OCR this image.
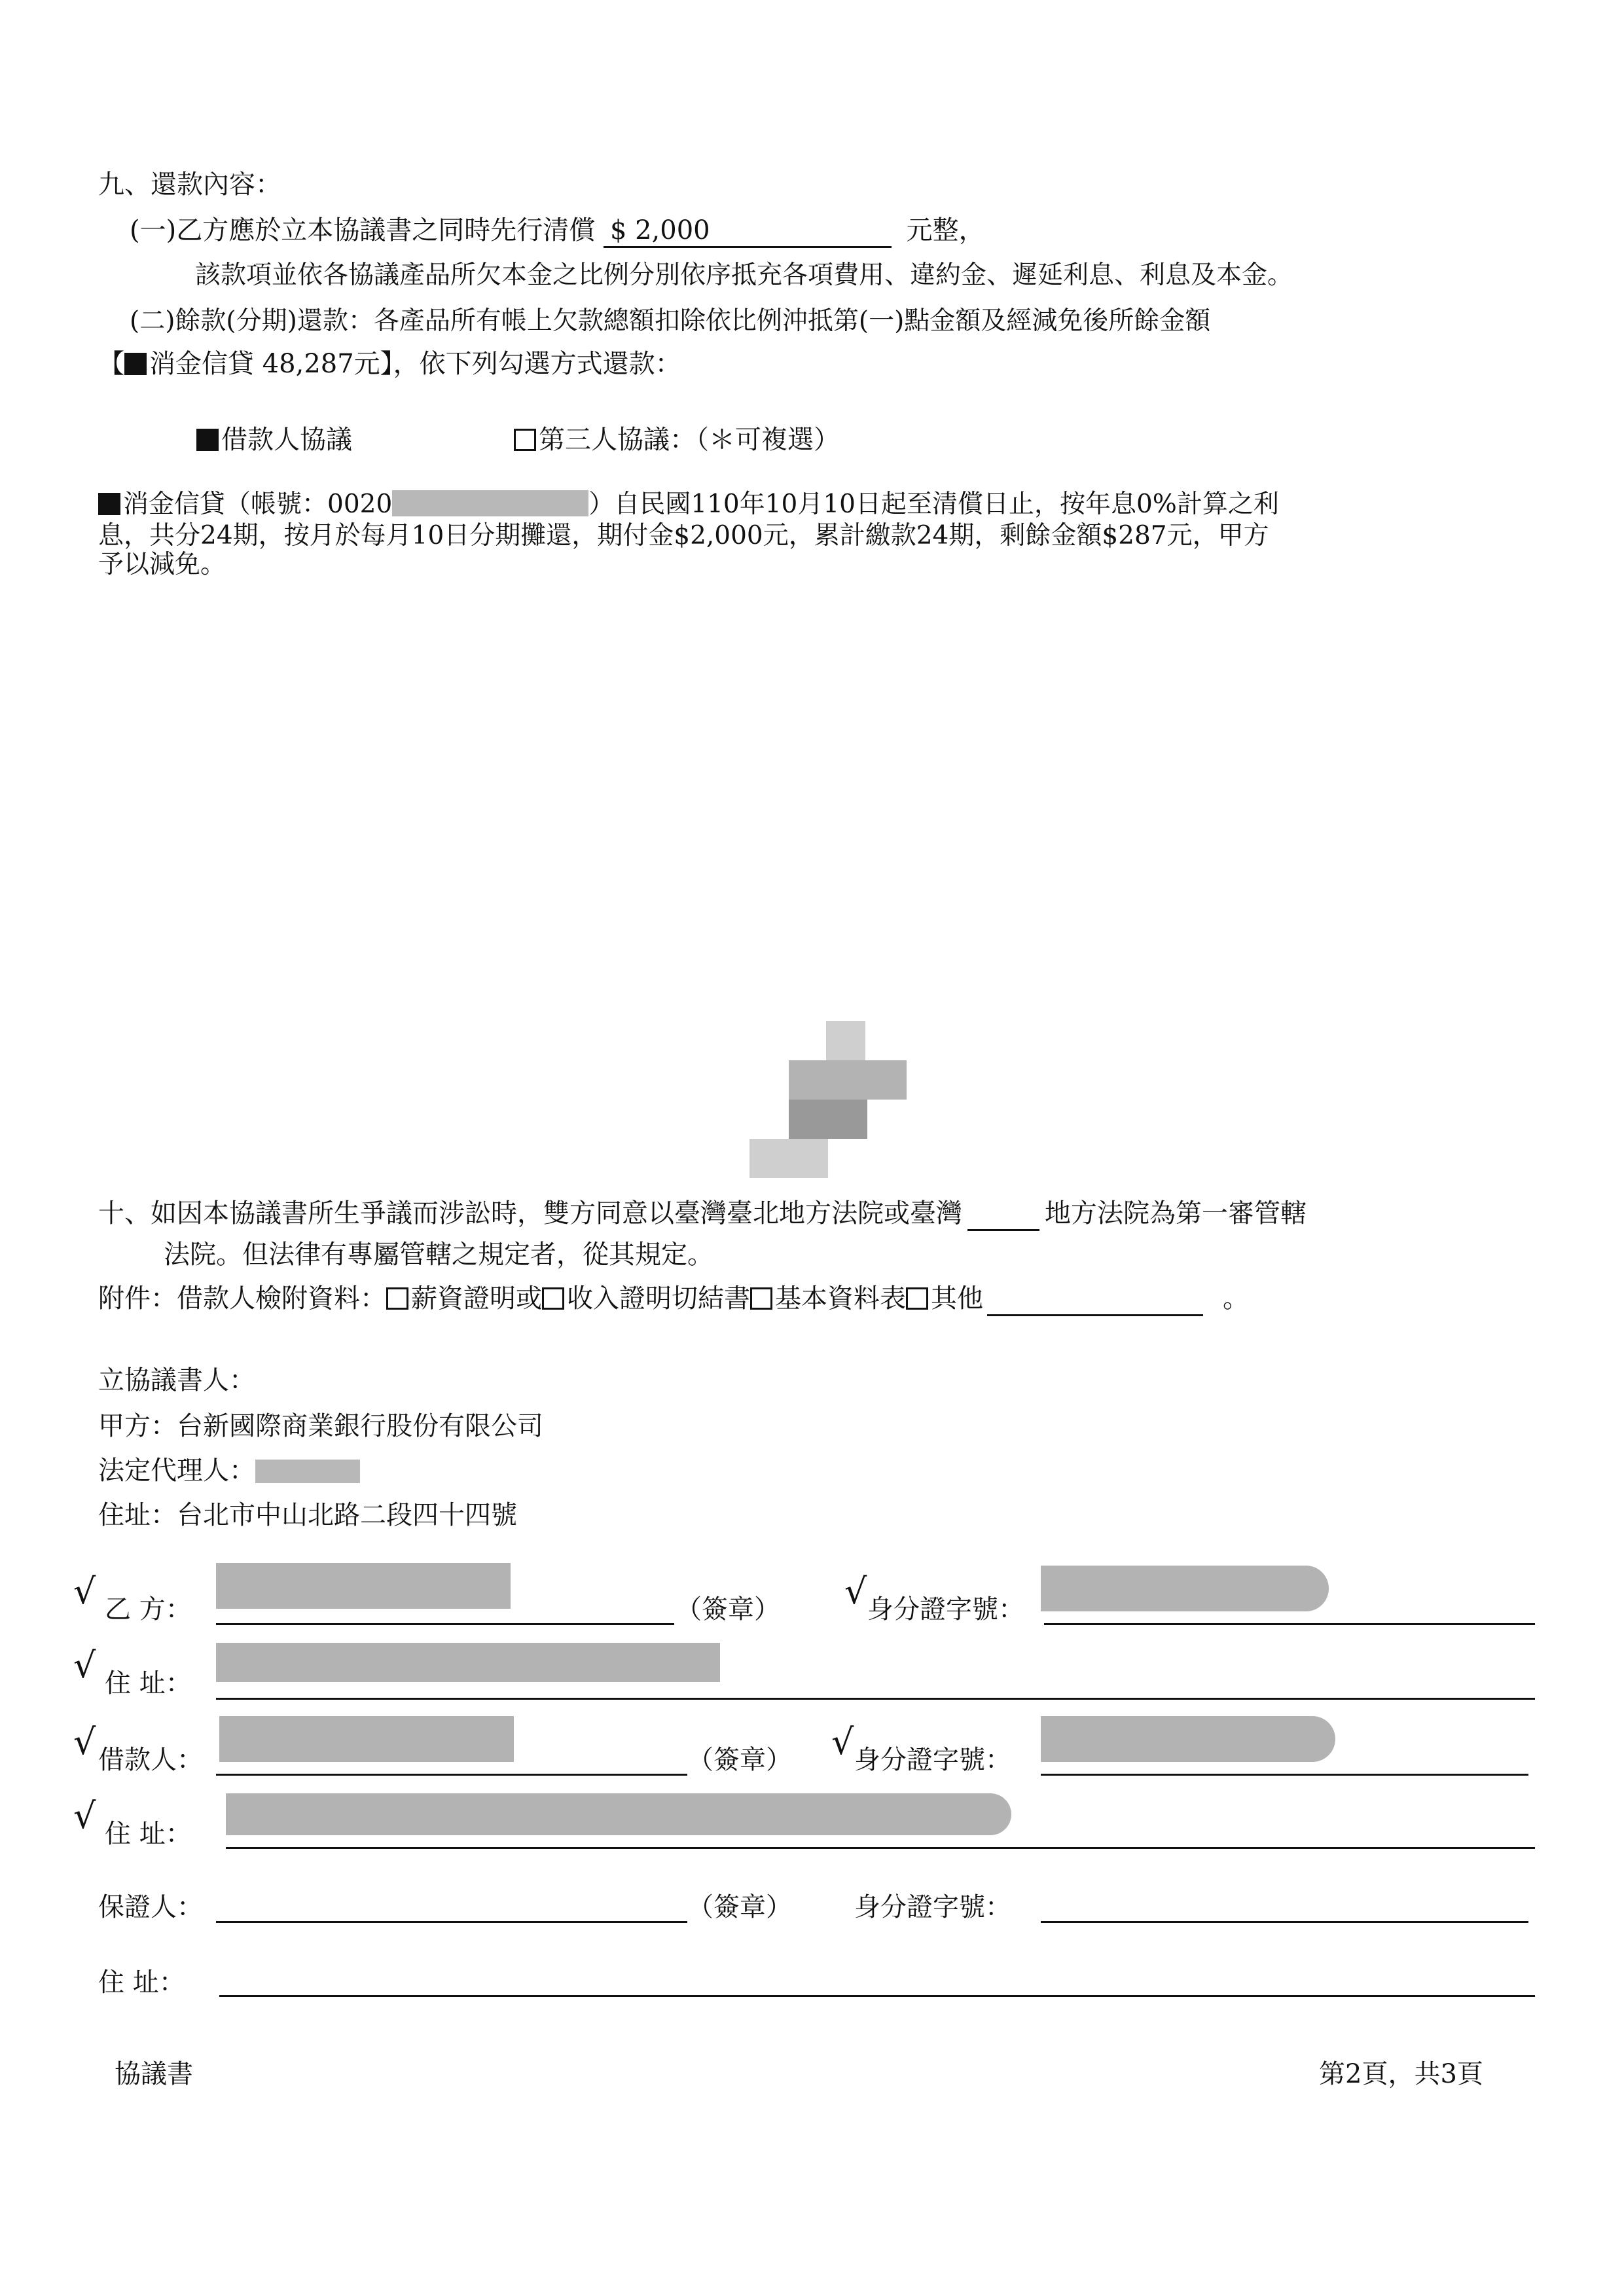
九、還款內容：
(一)乙方應於立本協議書之同時先行清償 $ 2,000	元整，
該款項並依各協議產品所欠本金之比例分別依序抵充各項費用、違約金、遲延利息、利息及本金。
(二)餘款(分期)還款：各產品所有帳上欠款總額扣除依比例沖抵第(一)點金額及經減免後所餘金額
【 消金信貸 48,287元】，依下列勾選方式還款：
借款人協議	第三人協議：（＊可複選）
消金信貸（帳號：0020	）自民國110年10月10日起至清償日止，按年息0%計算之利
息，共分24期，按月於每月10日分期攤還，期付金$2,000元，累計繳款24期，剩餘金額$287元，甲方
予以減免。
十、如因本協議書所生爭議而涉訟時，雙方同意以臺灣臺北地方法院或臺灣	地方法院為第一審管轄
法院。但法律有專屬管轄之規定者，從其規定。
附件：借款人檢附資料： 薪資證明或 收入證明切結書 基本資料表 其他	。
立協議書人：
甲方：台新國際商業銀行股份有限公司
法定代理人：
住址：台北市中山北路二段四十四號
√ 乙 方：	（簽章） √ 身分證字號：
√ 住 址：
√ 借款人：	（簽章） √ 身分證字號：
√ 住 址：
保證人：	（簽章） 身分證字號：
住 址：
協議書	第2頁，共3頁
